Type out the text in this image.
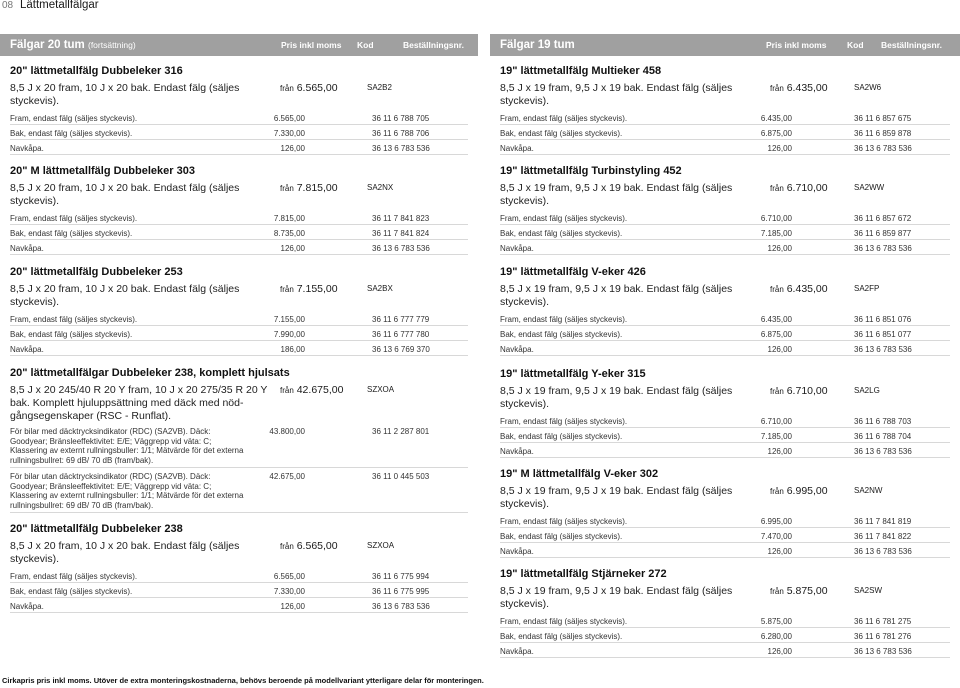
08 Lättmetallfälgar
Fälgar 20 tum (fortsättning)	Pris inkl moms Kod	Beställningsnr.
20" lättmetallfälg Dubbeleker 316
8,5 J x 20 fram, 10 J x 20 bak. Endast fälg (säljes styckevis).
från 6.565,00	SA2B2
Fram, endast fälg (säljes styckevis).	6.565,00	36 11 6 788 705
Bak, endast fälg (säljes styckevis).	7.330,00	36 11 6 788 706
Navkåpa.	126,00	36 13 6 783 536
20" M lättmetallfälg Dubbeleker 303
8,5 J x 20 fram, 10 J x 20 bak. Endast fälg (säljes styckevis).
från 7.815,00	SA2NX
Fram, endast fälg (säljes styckevis).	7.815,00	36 11 7 841 823
Bak, endast fälg (säljes styckevis).	8.735,00	36 11 7 841 824
Navkåpa.	126,00	36 13 6 783 536
20" lättmetallfälg Dubbeleker 253
8,5 J x 20 fram, 10 J x 20 bak. Endast fälg (säljes styckevis).
från 7.155,00	SA2BX
Fram, endast fälg (säljes styckevis).	7.155,00	36 11 6 777 779
Bak, endast fälg (säljes styckevis).	7.990,00	36 11 6 777 780
Navkåpa.	186,00	36 13 6 769 370
20" lättmetallfälgar Dubbeleker 238, komplett hjulsats
8,5 J x 20 245/40 R 20 Y fram, 10 J x 20 275/35 R 20 Y bak. Komplett hjuluppsättning med däck med nödgångsegenskaper (RSC - Runflat).
från 42.675,00	SZXOA
För bilar med däcktrycksindikator (RDC) (SA2VB). Däck: Goodyear; Bränsleeffektivitet: E/E; Väggrepp vid väta: C; Klassering av externt rullningsbuller: 1/1; Mätvärde för det externa rullningsbullret: 69 dB/ 70 dB (fram/bak).
43.800,00	36 11 2 287 801
För bilar utan däcktrycksindikator (RDC) (SA2VB). Däck: Goodyear; Bränsleeffektivitet: E/E; Väggrepp vid väta: C; Klassering av externt rullningsbuller: 1/1; Mätvärde för det externa rullningsbullret: 69 dB/ 70 dB (fram/bak).
42.675,00	36 11 0 445 503
20" lättmetallfälg Dubbeleker 238
8,5 J x 20 fram, 10 J x 20 bak. Endast fälg (säljes styckevis).
från 6.565,00	SZXOA
Fram, endast fälg (säljes styckevis).	6.565,00	36 11 6 775 994
Bak, endast fälg (säljes styckevis).	7.330,00	36 11 6 775 995
Navkåpa.	126,00	36 13 6 783 536
Fälgar 19 tum	Pris inkl moms Kod Beställningsnr.
19" lättmetallfälg Multieker 458
8,5 J x 19 fram, 9,5 J x 19 bak. Endast fälg (säljes styckevis).
från 6.435,00	SA2W6
Fram, endast fälg (säljes styckevis).	6.435,00	36 11 6 857 675
Bak, endast fälg (säljes styckevis).	6.875,00	36 11 6 859 878
Navkåpa.	126,00	36 13 6 783 536
19" lättmetallfälg Turbinstyling 452
8,5 J x 19 fram, 9,5 J x 19 bak. Endast fälg (säljes styckevis).
från 6.710,00	SA2WW
Fram, endast fälg (säljes styckevis).	6.710,00	36 11 6 857 672
Bak, endast fälg (säljes styckevis).	7.185,00	36 11 6 859 877
Navkåpa.	126,00	36 13 6 783 536
19" lättmetallfälg V-eker 426
8,5 J x 19 fram, 9,5 J x 19 bak. Endast fälg (säljes styckevis).
från 6.435,00	SA2FP
Fram, endast fälg (säljes styckevis).	6.435,00	36 11 6 851 076
Bak, endast fälg (säljes styckevis).	6.875,00	36 11 6 851 077
Navkåpa.	126,00	36 13 6 783 536
19" lättmetallfälg Y-eker 315
8,5 J x 19 fram, 9,5 J x 19 bak. Endast fälg (säljes styckevis).
från 6.710,00	SA2LG
Fram, endast fälg (säljes styckevis).	6.710,00	36 11 6 788 703
Bak, endast fälg (säljes styckevis).	7.185,00	36 11 6 788 704
Navkåpa.	126,00	36 13 6 783 536
19" M lättmetallfälg V-eker 302
8,5 J x 19 fram, 9,5 J x 19 bak. Endast fälg (säljes styckevis).
från 6.995,00	SA2NW
Fram, endast fälg (säljes styckevis).	6.995,00	36 11 7 841 819
Bak, endast fälg (säljes styckevis).	7.470,00	36 11 7 841 822
Navkåpa.	126,00	36 13 6 783 536
19" lättmetallfälg Stjärneker 272
8,5 J x 19 fram, 9,5 J x 19 bak. Endast fälg (säljes styckevis).
från 5.875,00	SA2SW
Fram, endast fälg (säljes styckevis).	5.875,00	36 11 6 781 275
Bak, endast fälg (säljes styckevis).	6.280,00	36 11 6 781 276
Navkåpa.	126,00	36 13 6 783 536
Cirkapris pris inkl moms. Utöver de extra monteringskostnaderna, behövs beroende på modellvariant ytterligare delar för monteringen.
